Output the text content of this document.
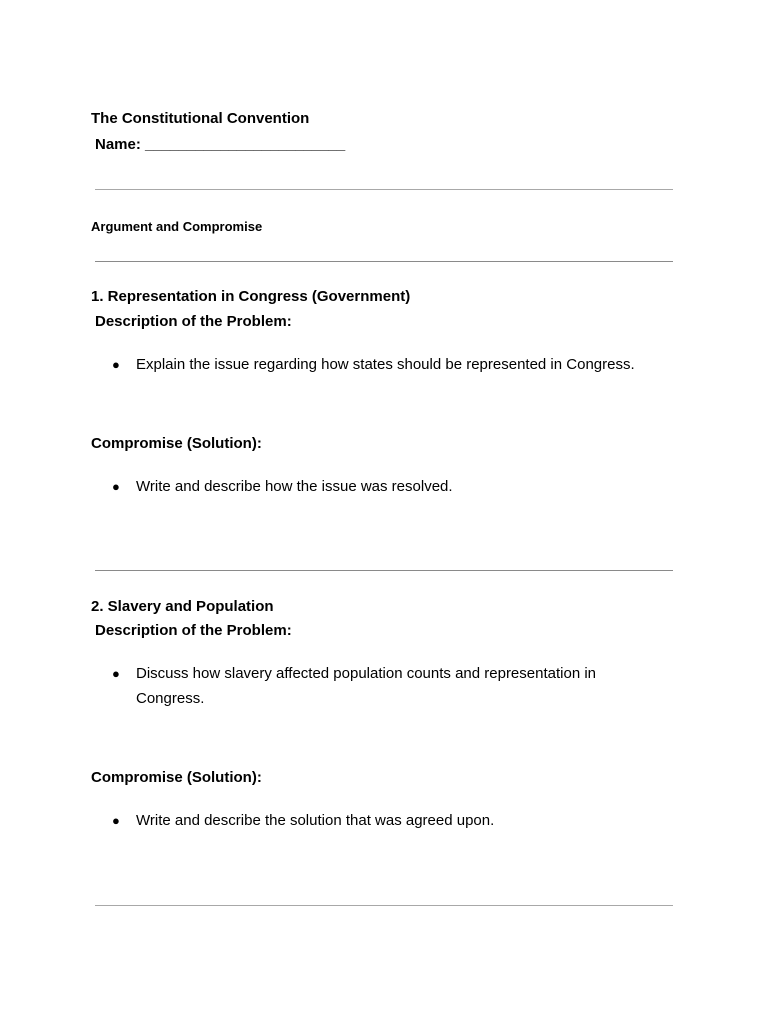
The Constitutional Convention
Name: ________________________
Argument and Compromise
1. Representation in Congress (Government)
Description of the Problem:
● Explain the issue regarding how states should be represented in Congress.
Compromise (Solution):
● Write and describe how the issue was resolved.
2. Slavery and Population
Description of the Problem:
● Discuss how slavery affected population counts and representation in Congress.
Compromise (Solution):
● Write and describe the solution that was agreed upon.
